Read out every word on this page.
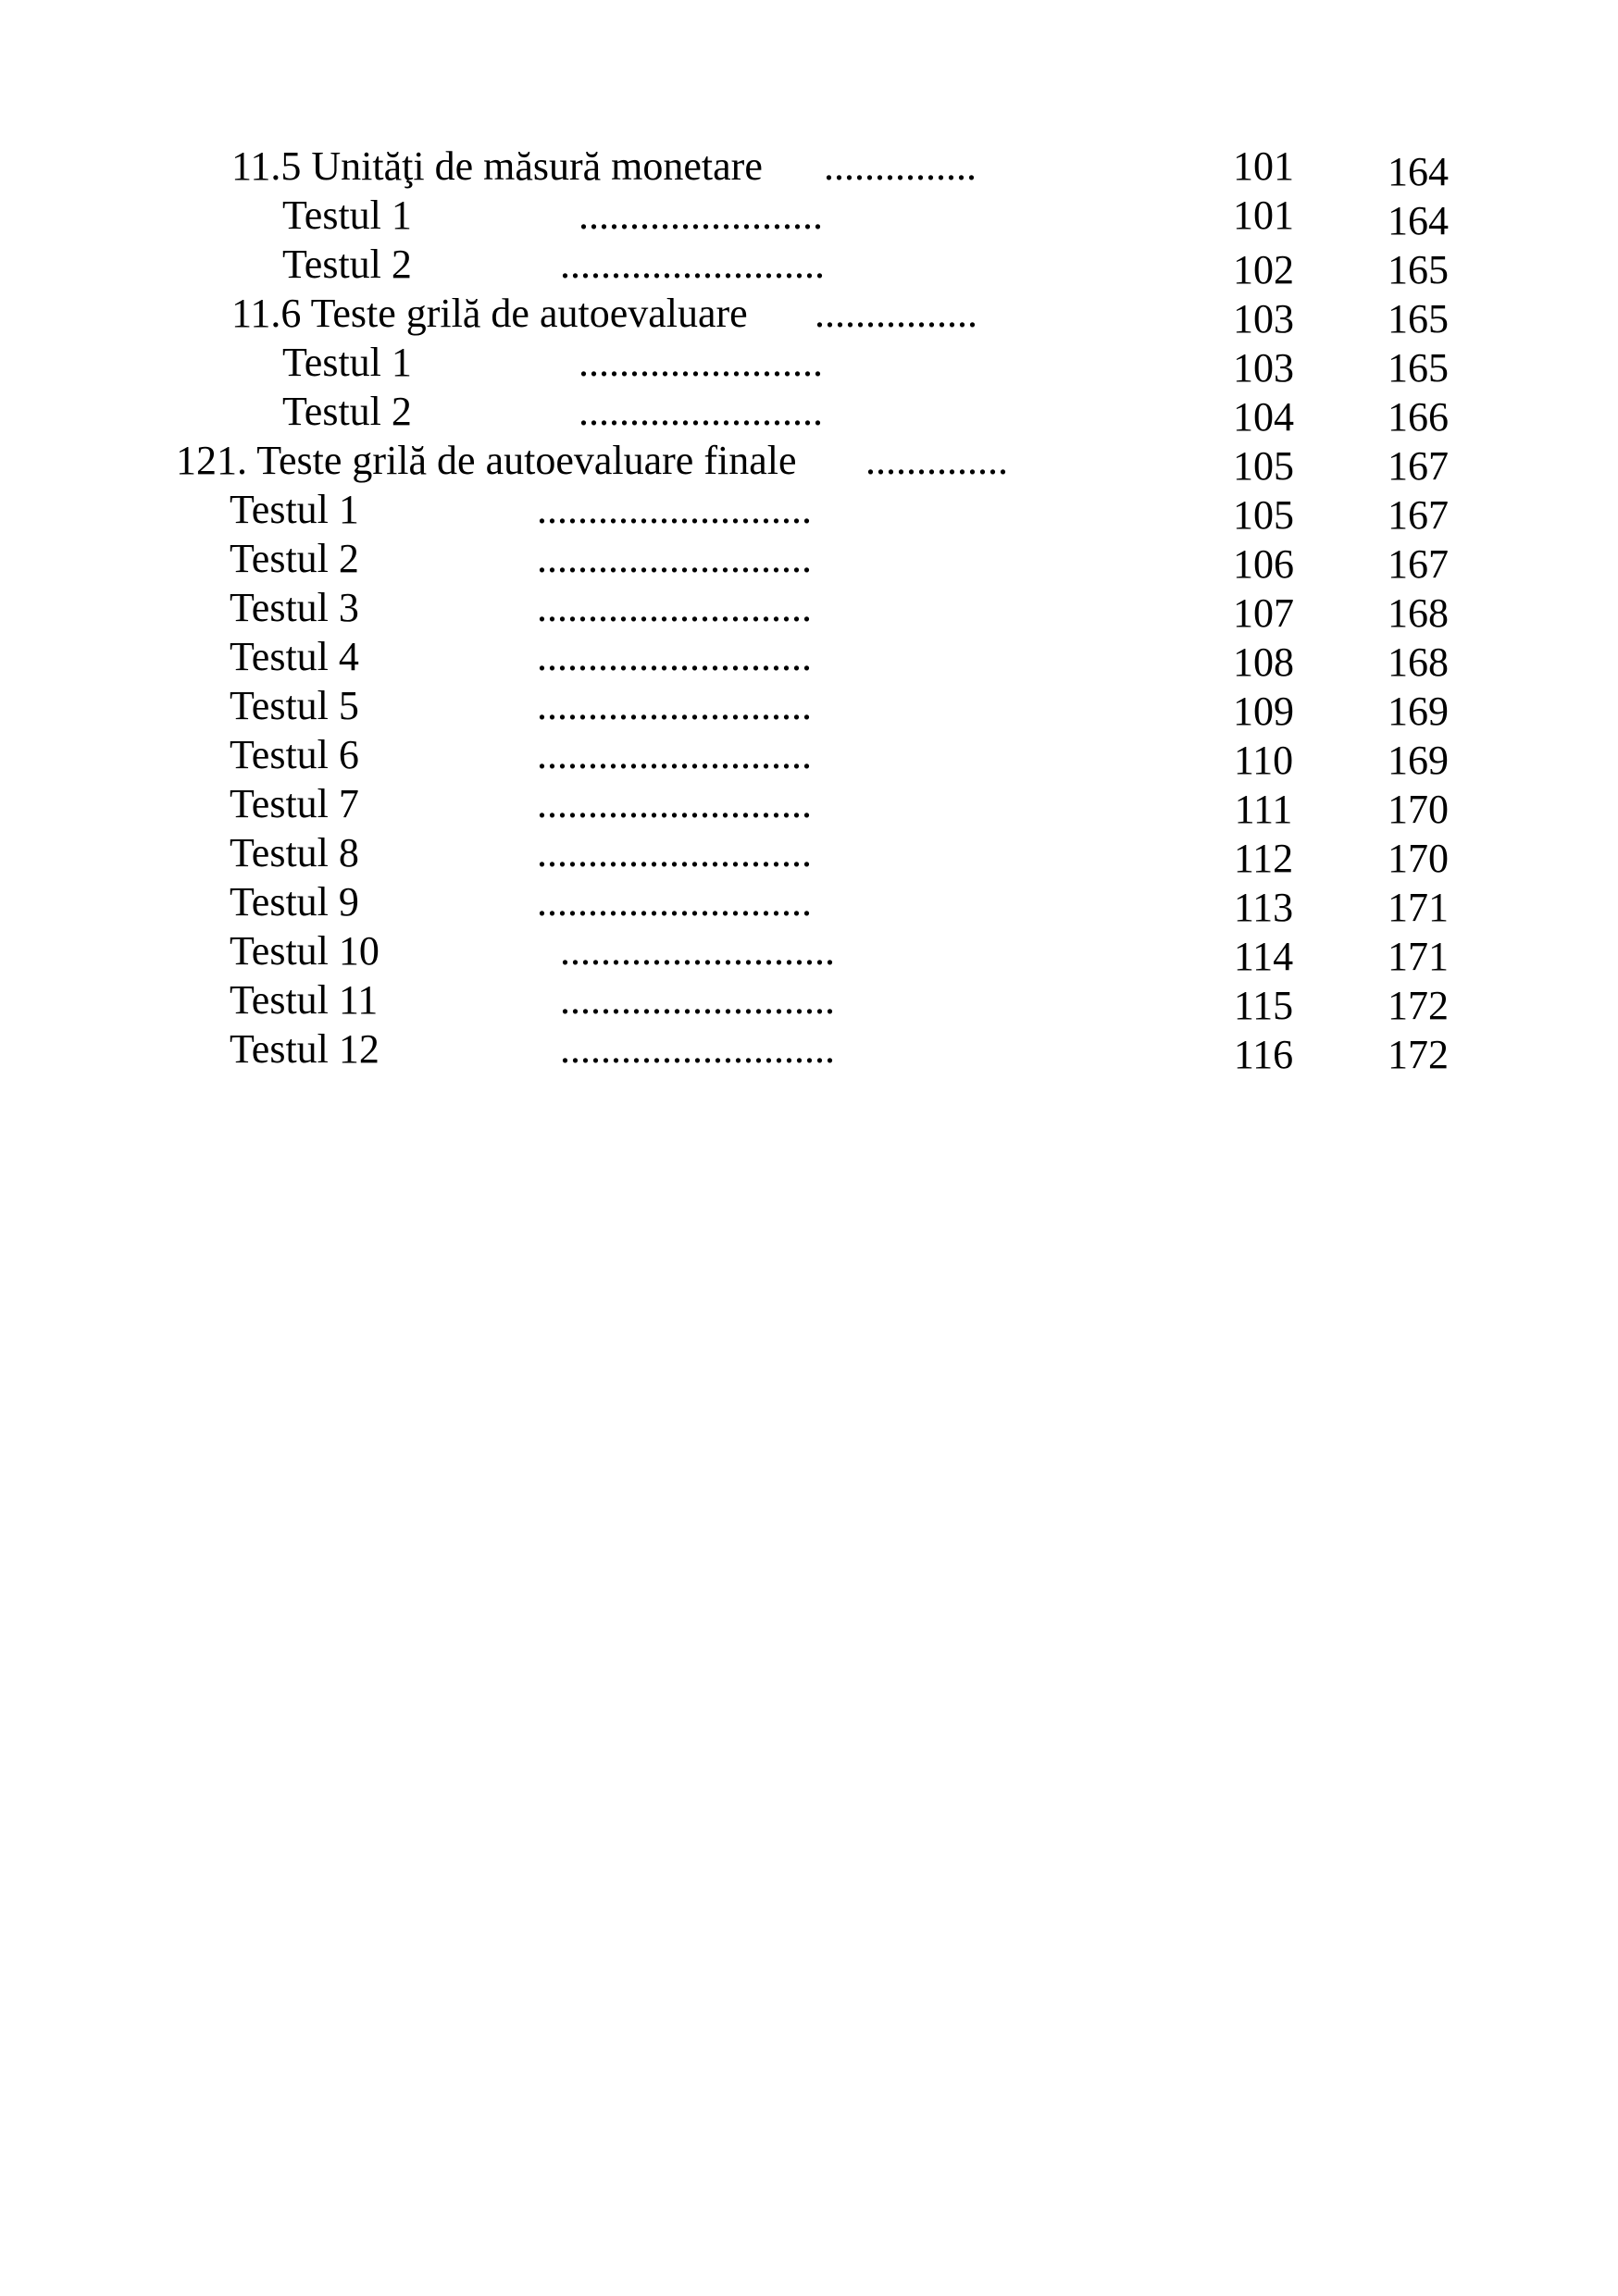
11.5 Unităţi de măsură monetare ...............	101	164
Testul 1	........................	101	164
Testul 2	..........................	102	165
11.6 Teste grilă de autoevaluare ................	103	165
Testul 1	........................	103	165
Testul 2	........................	104	166
121. Teste grilă de autoevaluare finale ..............	105	167
Testul 1	...........................	105	167
Testul 2	...........................	106	167
Testul 3	...........................	107	168
Testul 4	...........................	108	168
Testul 5	...........................	109	169
Testul 6	...........................	110	169
Testul 7	...........................	111	170
Testul 8	...........................	112	170
Testul 9	...........................	113	171
Testul 10	...........................	114	171
Testul 11	...........................	115	172
Testul 12	...........................	116	172
